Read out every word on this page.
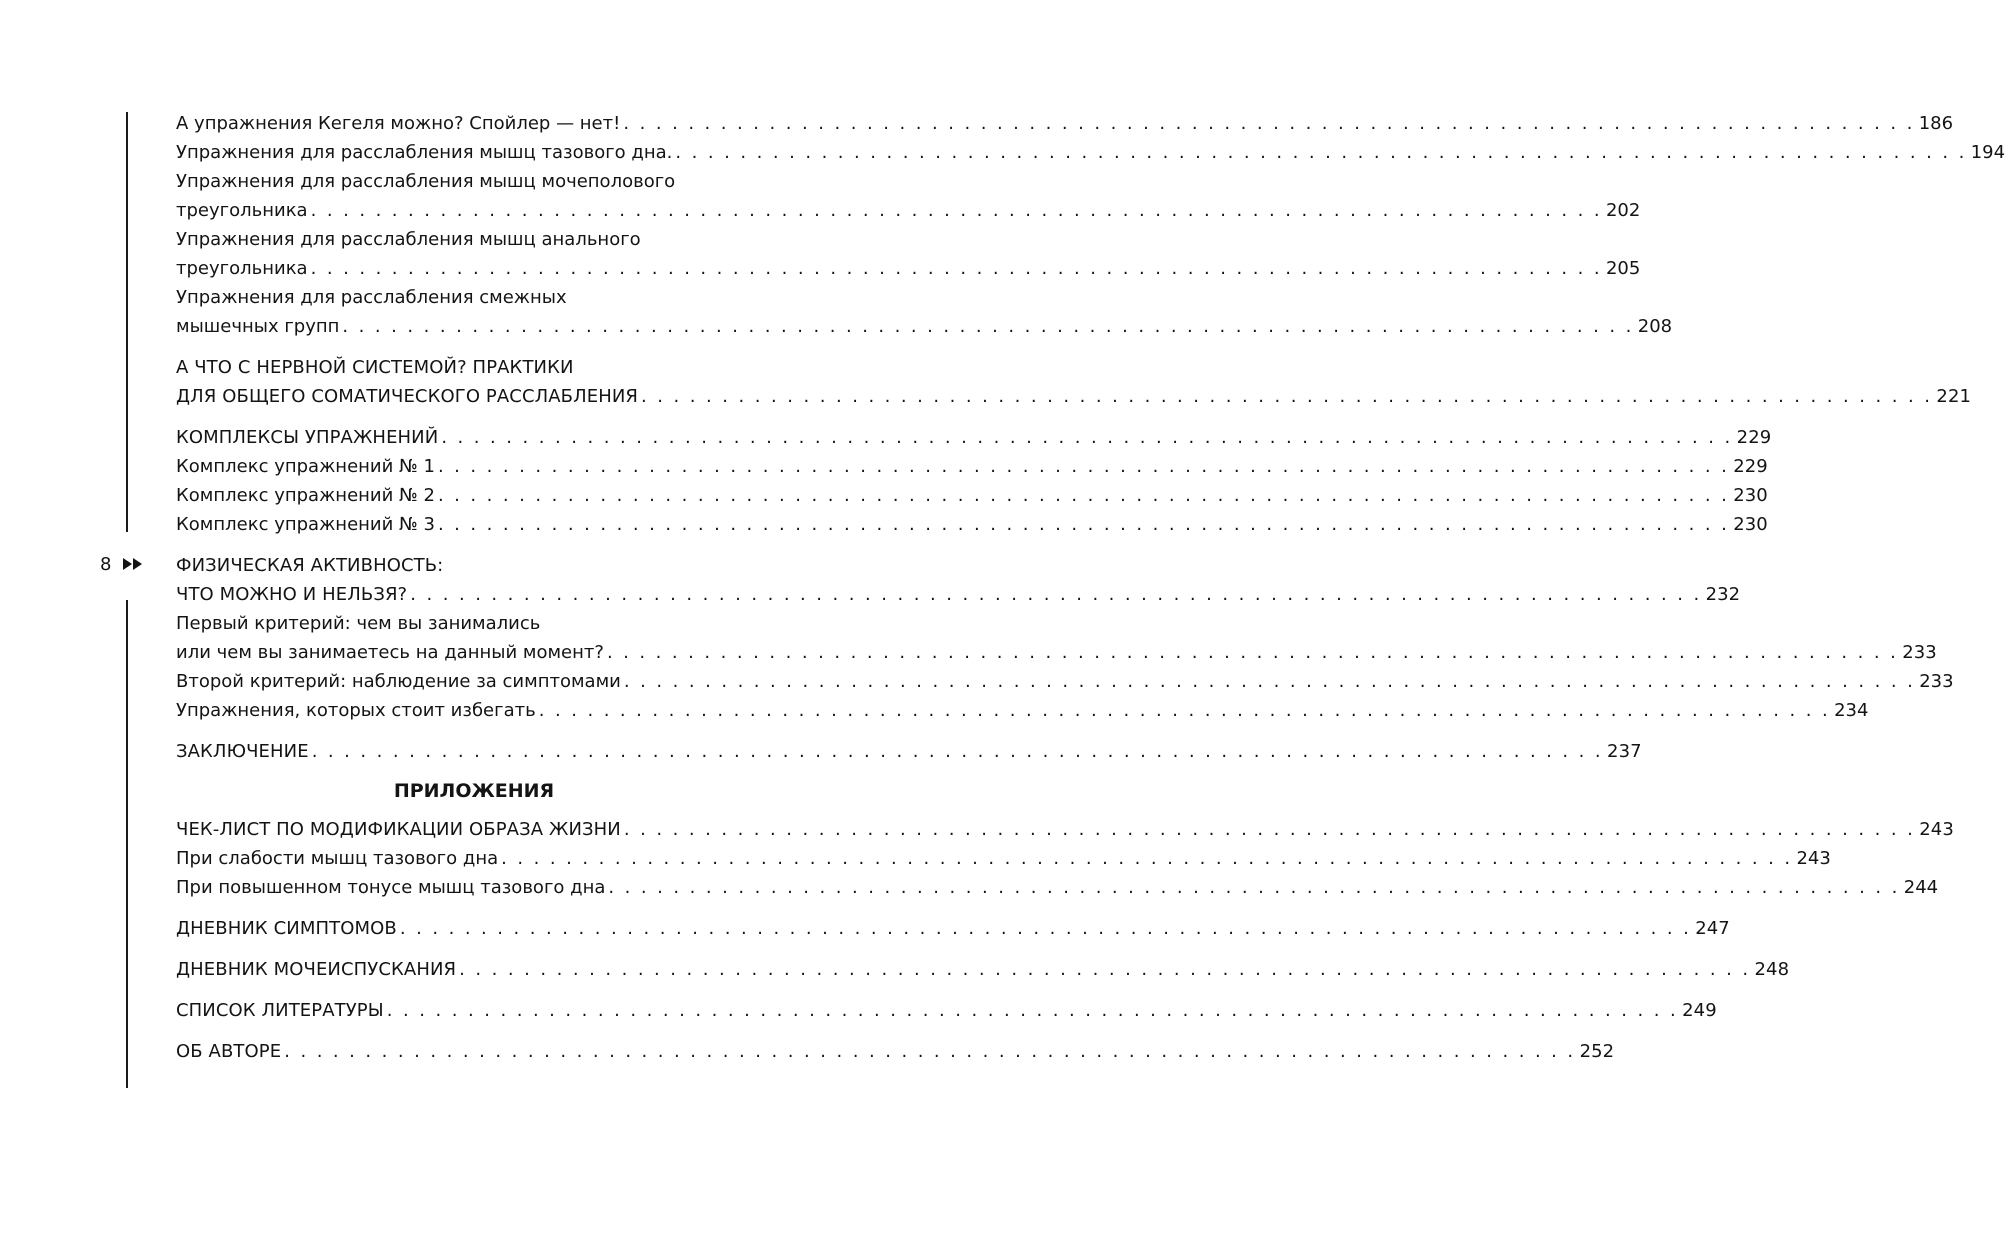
8
А упражнения Кегеля можно? Спойлер — нет! . . . . . . . . . . . . . . . . . . . . . . . . . . . . . . . . . . . . . . . . . . . . . . . . . . . . . . . . . . . . . . . . . . . . . . . . . . . . . . . . 186
Упражнения для расслабления мышц тазового дна. . . . . . . . . . . . . . . . . . . . . . . . . . . . . . . . . . . . . . . . . . . . . . . . . . . . . . . . . . . . . . . . . . . . . . . . . . . . . . . . . 194
Упражнения для расслабления мышц мочеполового
треугольника . . . . . . . . . . . . . . . . . . . . . . . . . . . . . . . . . . . . . . . . . . . . . . . . . . . . . . . . . . . . . . . . . . . . . . . . . . . . . . . . 202
Упражнения для расслабления мышц анального
треугольника . . . . . . . . . . . . . . . . . . . . . . . . . . . . . . . . . . . . . . . . . . . . . . . . . . . . . . . . . . . . . . . . . . . . . . . . . . . . . . . . 205
Упражнения для расслабления смежных
мышечных групп . . . . . . . . . . . . . . . . . . . . . . . . . . . . . . . . . . . . . . . . . . . . . . . . . . . . . . . . . . . . . . . . . . . . . . . . . . . . . . . . 208
А ЧТО С НЕРВНОЙ СИСТЕМОЙ? ПРАКТИКИ
ДЛЯ ОБЩЕГО СОМАТИЧЕСКОГО РАССЛАБЛЕНИЯ . . . . . . . . . . . . . . . . . . . . . . . . . . . . . . . . . . . . . . . . . . . . . . . . . . . . . . . . . . . . . . . . . . . . . . . . . . . . . . . . 221
КОМПЛЕКСЫ УПРАЖНЕНИЙ . . . . . . . . . . . . . . . . . . . . . . . . . . . . . . . . . . . . . . . . . . . . . . . . . . . . . . . . . . . . . . . . . . . . . . . . . . . . . . . . 229
Комплекс упражнений № 1 . . . . . . . . . . . . . . . . . . . . . . . . . . . . . . . . . . . . . . . . . . . . . . . . . . . . . . . . . . . . . . . . . . . . . . . . . . . . . . . . 229
Комплекс упражнений № 2 . . . . . . . . . . . . . . . . . . . . . . . . . . . . . . . . . . . . . . . . . . . . . . . . . . . . . . . . . . . . . . . . . . . . . . . . . . . . . . . . 230
Комплекс упражнений № 3 . . . . . . . . . . . . . . . . . . . . . . . . . . . . . . . . . . . . . . . . . . . . . . . . . . . . . . . . . . . . . . . . . . . . . . . . . . . . . . . . 230
ФИЗИЧЕСКАЯ АКТИВНОСТЬ:
ЧТО МОЖНО И НЕЛЬЗЯ? . . . . . . . . . . . . . . . . . . . . . . . . . . . . . . . . . . . . . . . . . . . . . . . . . . . . . . . . . . . . . . . . . . . . . . . . . . . . . . . . 232
Первый критерий: чем вы занимались
или чем вы занимаетесь на данный момент? . . . . . . . . . . . . . . . . . . . . . . . . . . . . . . . . . . . . . . . . . . . . . . . . . . . . . . . . . . . . . . . . . . . . . . . . . . . . . . . . 233
Второй критерий: наблюдение за симптомами . . . . . . . . . . . . . . . . . . . . . . . . . . . . . . . . . . . . . . . . . . . . . . . . . . . . . . . . . . . . . . . . . . . . . . . . . . . . . . . . 233
Упражнения, которых стоит избегать . . . . . . . . . . . . . . . . . . . . . . . . . . . . . . . . . . . . . . . . . . . . . . . . . . . . . . . . . . . . . . . . . . . . . . . . . . . . . . . . 234
ЗАКЛЮЧЕНИЕ . . . . . . . . . . . . . . . . . . . . . . . . . . . . . . . . . . . . . . . . . . . . . . . . . . . . . . . . . . . . . . . . . . . . . . . . . . . . . . . . 237
ПРИЛОЖЕНИЯ
ЧЕК-ЛИСТ ПО МОДИФИКАЦИИ ОБРАЗА ЖИЗНИ . . . . . . . . . . . . . . . . . . . . . . . . . . . . . . . . . . . . . . . . . . . . . . . . . . . . . . . . . . . . . . . . . . . . . . . . . . . . . . . . 243
При слабости мышц тазового дна . . . . . . . . . . . . . . . . . . . . . . . . . . . . . . . . . . . . . . . . . . . . . . . . . . . . . . . . . . . . . . . . . . . . . . . . . . . . . . . . 243
При повышенном тонусе мышц тазового дна . . . . . . . . . . . . . . . . . . . . . . . . . . . . . . . . . . . . . . . . . . . . . . . . . . . . . . . . . . . . . . . . . . . . . . . . . . . . . . . . 244
ДНЕВНИК СИМПТОМОВ . . . . . . . . . . . . . . . . . . . . . . . . . . . . . . . . . . . . . . . . . . . . . . . . . . . . . . . . . . . . . . . . . . . . . . . . . . . . . . . . 247
ДНЕВНИК МОЧЕИСПУСКАНИЯ . . . . . . . . . . . . . . . . . . . . . . . . . . . . . . . . . . . . . . . . . . . . . . . . . . . . . . . . . . . . . . . . . . . . . . . . . . . . . . . . 248
СПИСОК ЛИТЕРАТУРЫ . . . . . . . . . . . . . . . . . . . . . . . . . . . . . . . . . . . . . . . . . . . . . . . . . . . . . . . . . . . . . . . . . . . . . . . . . . . . . . . . 249
ОБ АВТОРЕ . . . . . . . . . . . . . . . . . . . . . . . . . . . . . . . . . . . . . . . . . . . . . . . . . . . . . . . . . . . . . . . . . . . . . . . . . . . . . . . . 252
